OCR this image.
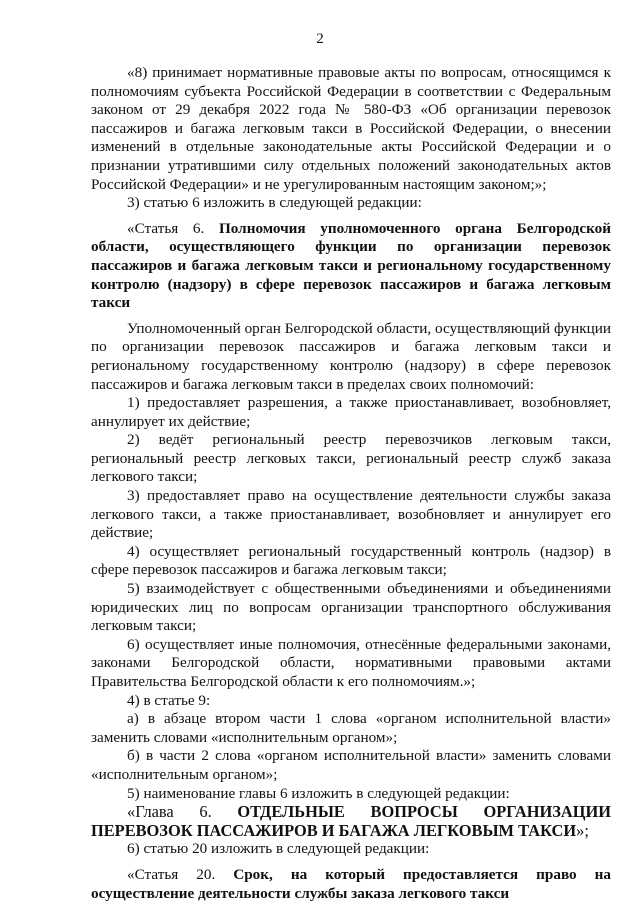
2

«8) принимает нормативные правовые акты по вопросам, относящимся к полномочиям субъекта Российской Федерации в соответствии с Федеральным законом от 29 декабря 2022 года № 580-ФЗ «Об организации перевозок пассажиров и багажа легковым такси в Российской Федерации, о внесении изменений в отдельные законодательные акты Российской Федерации и о признании утратившими силу отдельных положений законодательных актов Российской Федерации» и не урегулированным настоящим законом;»;

3) статью 6 изложить в следующей редакции:

«Статья 6. Полномочия уполномоченного органа Белгородской области, осуществляющего функции по организации перевозок пассажиров и багажа легковым такси и региональному государственному контролю (надзору) в сфере перевозок пассажиров и багажа легковым такси

Уполномоченный орган Белгородской области, осуществляющий функции по организации перевозок пассажиров и багажа легковым такси и региональному государственному контролю (надзору) в сфере перевозок пассажиров и багажа легковым такси в пределах своих полномочий:

1) предоставляет разрешения, а также приостанавливает, возобновляет, аннулирует их действие;

2) ведёт региональный реестр перевозчиков легковым такси, региональный реестр легковых такси, региональный реестр служб заказа легкового такси;

3) предоставляет право на осуществление деятельности службы заказа легкового такси, а также приостанавливает, возобновляет и аннулирует его действие;

4) осуществляет региональный государственный контроль (надзор) в сфере перевозок пассажиров и багажа легковым такси;

5) взаимодействует с общественными объединениями и объединениями юридических лиц по вопросам организации транспортного обслуживания легковым такси;

6) осуществляет иные полномочия, отнесённые федеральными законами, законами Белгородской области, нормативными правовыми актами Правительства Белгородской области к его полномочиям.»;

4) в статье 9:

а) в абзаце втором части 1 слова «органом исполнительной власти» заменить словами «исполнительным органом»;

б) в части 2 слова «органом исполнительной власти» заменить словами «исполнительным органом»;

5) наименование главы 6 изложить в следующей редакции:

«Глава 6. ОТДЕЛЬНЫЕ ВОПРОСЫ ОРГАНИЗАЦИИ ПЕРЕВОЗОК ПАССАЖИРОВ И БАГАЖА ЛЕГКОВЫМ ТАКСИ»;

6) статью 20 изложить в следующей редакции:

«Статья 20. Срок, на который предоставляется право на осуществление деятельности службы заказа легкового такси
